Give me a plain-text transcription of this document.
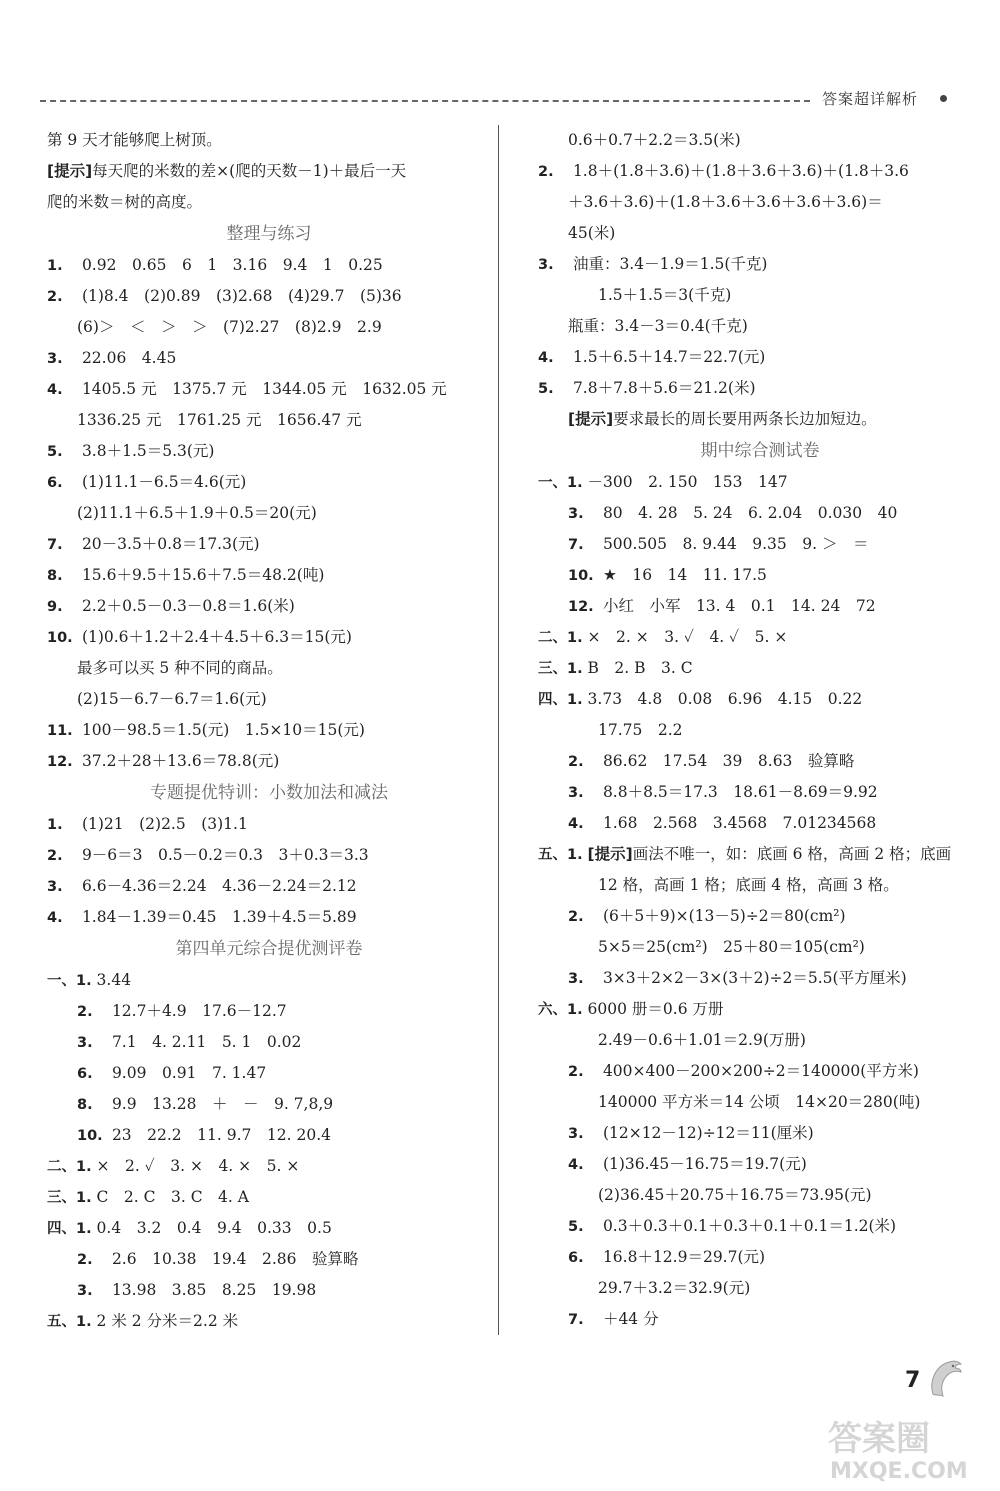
答案超详解析
第 9 天才能够爬上树顶。
[提示]每天爬的米数的差×(爬的天数－1)＋最后一天
爬的米数＝树的高度。
整理与练习
1. 0.92　0.65　6　1　3.16　9.4　1　0.25
2. (1)8.4　(2)0.89　(3)2.68　(4)29.7　(5)36
(6)＞　＜　＞　＞　(7)2.27　(8)2.9　2.9
3. 22.06　4.45
4. 1405.5 元　1375.7 元　1344.05 元　1632.05 元
1336.25 元　1761.25 元　1656.47 元
5. 3.8＋1.5＝5.3(元)
6. (1)11.1－6.5＝4.6(元)
(2)11.1＋6.5＋1.9＋0.5＝20(元)
7. 20－3.5＋0.8＝17.3(元)
8. 15.6＋9.5＋15.6＋7.5＝48.2(吨)
9. 2.2＋0.5－0.3－0.8＝1.6(米)
10. (1)0.6＋1.2＋2.4＋4.5＋6.3＝15(元)
最多可以买 5 种不同的商品。
(2)15－6.7－6.7＝1.6(元)
11. 100－98.5＝1.5(元)　1.5×10＝15(元)
12. 37.2＋28＋13.6＝78.8(元)
专题提优特训：小数加法和减法
1. (1)21　(2)2.5　(3)1.1
2. 9－6＝3　0.5－0.2＝0.3　3＋0.3＝3.3
3. 6.6－4.36＝2.24　4.36－2.24＝2.12
4. 1.84－1.39＝0.45　1.39＋4.5＝5.89
第四单元综合提优测评卷
一、1. 3.44
2. 12.7＋4.9　17.6－12.7
3. 7.1　4. 2.11　5. 1　0.02
6. 9.09　0.91　7. 1.47
8. 9.9　13.28　＋　－　9. 7,8,9
10. 23　22.2　11. 9.7　12. 20.4
二、1. ×　2. ✓　3. ×　4. ×　5. ×
三、1. C　2. C　3. C　4. A
四、1. 0.4　3.2　0.4　9.4　0.33　0.5
2. 2.6　10.38　19.4　2.86　验算略
3. 13.98　3.85　8.25　19.98
五、1. 2 米 2 分米＝2.2 米
0.6＋0.7＋2.2＝3.5(米)
2. 1.8＋(1.8＋3.6)＋(1.8＋3.6＋3.6)＋(1.8＋3.6
＋3.6＋3.6)＋(1.8＋3.6＋3.6＋3.6＋3.6)＝
45(米)
3. 油重：3.4－1.9＝1.5(千克)
1.5＋1.5＝3(千克)
瓶重：3.4－3＝0.4(千克)
4. 1.5＋6.5＋14.7＝22.7(元)
5. 7.8＋7.8＋5.6＝21.2(米)
[提示]要求最长的周长要用两条长边加短边。
期中综合测试卷
一、1. －300　2. 150　153　147
3. 80　4. 28　5. 24　6. 2.04　0.030　40
7. 500.505　8. 9.44　9.35　9. ＞　＝
10. ★　16　14　11. 17.5
12. 小红　小军　13. 4　0.1　14. 24　72
二、1. ×　2. ×　3. ✓　4. ✓　5. ×
三、1. B　2. B　3. C
四、1. 3.73　4.8　0.08　6.96　4.15　0.22
17.75　2.2
2. 86.62　17.54　39　8.63　验算略
3. 8.8＋8.5＝17.3　18.61－8.69＝9.92
4. 1.68　2.568　3.4568　7.01234568
五、1. [提示]画法不唯一，如：底画 6 格，高画 2 格；底画
12 格，高画 1 格；底画 4 格，高画 3 格。
2. (6＋5＋9)×(13－5)÷2＝80(cm²)
5×5＝25(cm²)　25＋80＝105(cm²)
3. 3×3＋2×2－3×(3＋2)÷2＝5.5(平方厘米)
六、1. 6000 册＝0.6 万册
2.49－0.6＋1.01＝2.9(万册)
2. 400×400－200×200÷2＝140000(平方米)
140000 平方米＝14 公顷　14×20＝280(吨)
3. (12×12－12)÷12＝11(厘米)
4. (1)36.45－16.75＝19.7(元)
(2)36.45＋20.75＋16.75＝73.95(元)
5. 0.3＋0.3＋0.1＋0.3＋0.1＋0.1＝1.2(米)
6. 16.8＋12.9＝29.7(元)
29.7＋3.2＝32.9(元)
7. ＋44 分
7
答案圈
MXQE.COM
